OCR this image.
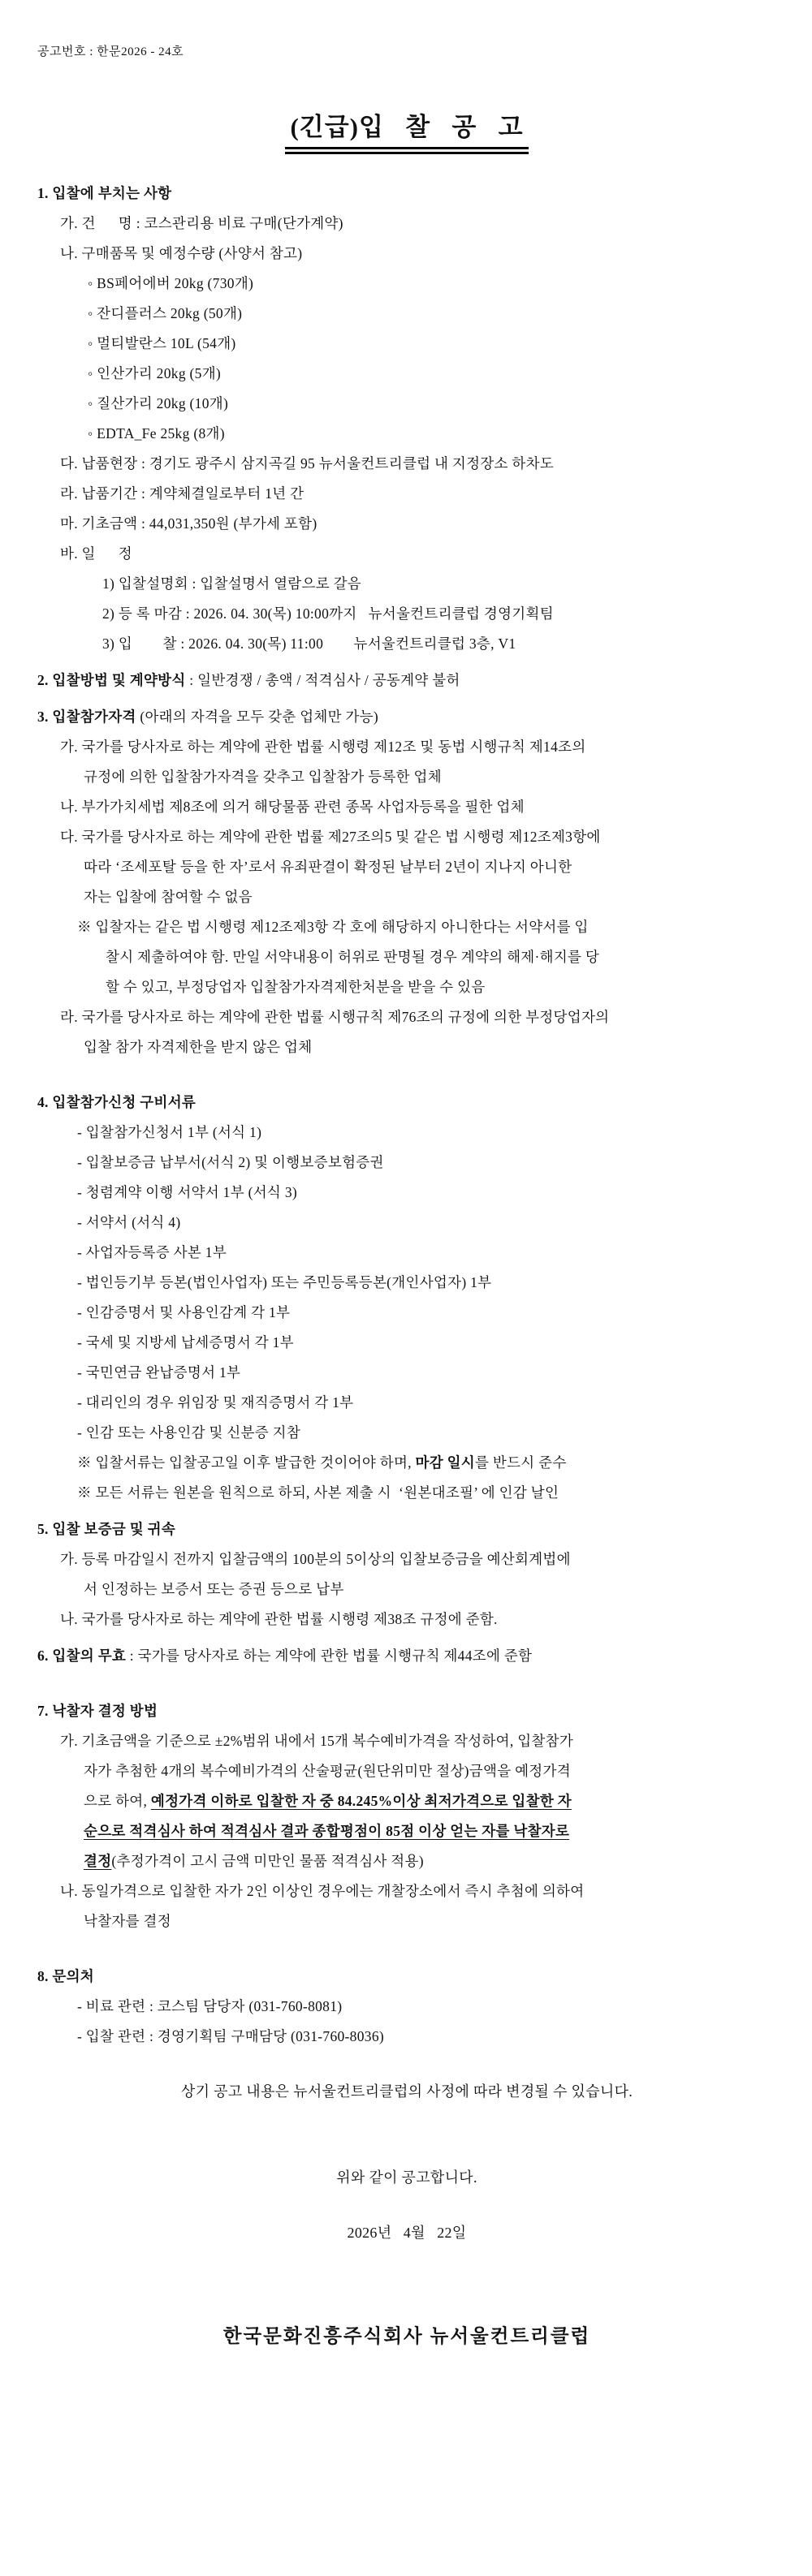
공고번호 : 한문2026 - 24호
(긴급)입   찰   공   고
1. 입찰에 부치는 사항
가. 건      명 : 코스관리용 비료 구매(단가계약)
나. 구매품목 및 예정수량 (사양서 참고)
◦ BS페어에버 20kg (730개)
◦ 잔디플러스 20kg (50개)
◦ 멀티발란스 10L (54개)
◦ 인산가리 20kg (5개)
◦ 질산가리 20kg (10개)
◦ EDTA_Fe 25kg (8개)
다. 납품현장 : 경기도 광주시 삼지곡길 95 뉴서울컨트리클럽 내 지정장소 하차도
라. 납품기간 : 계약체결일로부터 1년 간
마. 기초금액 : 44,031,350원 (부가세 포함)
바. 일      정
1) 입찰설명회 : 입찰설명서 열람으로 갈음
2) 등 록 마감 : 2026. 04. 30(목) 10:00까지   뉴서울컨트리클럽 경영기획팀
3) 입        찰 : 2026. 04. 30(목) 11:00        뉴서울컨트리클럽 3층, V1
2. 입찰방법 및 계약방식 : 일반경쟁 / 총액 / 적격심사 / 공동계약 불허
3. 입찰참가자격 (아래의 자격을 모두 갖춘 업체만 가능)
가. 국가를 당사자로 하는 계약에 관한 법률 시행령 제12조 및 동법 시행규칙 제14조의
규정에 의한 입찰참가자격을 갖추고 입찰참가 등록한 업체
나. 부가가치세법 제8조에 의거 해당물품 관련 종목 사업자등록을 필한 업체
다. 국가를 당사자로 하는 계약에 관한 법률 제27조의5 및 같은 법 시행령 제12조제3항에
따라 ‘조세포탈 등을 한 자’로서 유죄판결이 확정된 날부터 2년이 지나지 아니한
자는 입찰에 참여할 수 없음
※ 입찰자는 같은 법 시행령 제12조제3항 각 호에 해당하지 아니한다는 서약서를 입
찰시 제출하여야 함. 만일 서약내용이 허위로 판명될 경우 계약의 해제·해지를 당
할 수 있고, 부정당업자 입찰참가자격제한처분을 받을 수 있음
라. 국가를 당사자로 하는 계약에 관한 법률 시행규칙 제76조의 규정에 의한 부정당업자의
입찰 참가 자격제한을 받지 않은 업체
4. 입찰참가신청 구비서류
- 입찰참가신청서 1부 (서식 1)
- 입찰보증금 납부서(서식 2) 및 이행보증보험증권
- 청렴계약 이행 서약서 1부 (서식 3)
- 서약서 (서식 4)
- 사업자등록증 사본 1부
- 법인등기부 등본(법인사업자) 또는 주민등록등본(개인사업자) 1부
- 인감증명서 및 사용인감계 각 1부
- 국세 및 지방세 납세증명서 각 1부
- 국민연금 완납증명서 1부
- 대리인의 경우 위임장 및 재직증명서 각 1부
- 인감 또는 사용인감 및 신분증 지참
※ 입찰서류는 입찰공고일 이후 발급한 것이어야 하며, 마감 일시를 반드시 준수
※ 모든 서류는 원본을 원칙으로 하되, 사본 제출 시  ‘원본대조필’ 에 인감 날인
5. 입찰 보증금 및 귀속
가. 등록 마감일시 전까지 입찰금액의 100분의 5이상의 입찰보증금을 예산회계법에
서 인정하는 보증서 또는 증권 등으로 납부
나. 국가를 당사자로 하는 계약에 관한 법률 시행령 제38조 규정에 준함.
6. 입찰의 무효 : 국가를 당사자로 하는 계약에 관한 법률 시행규칙 제44조에 준함
7. 낙찰자 결정 방법
가. 기초금액을 기준으로 ±2%범위 내에서 15개 복수예비가격을 작성하여, 입찰참가
자가 추첨한 4개의 복수예비가격의 산술평균(원단위미만 절상)금액을 예정가격
으로 하여, 예정가격 이하로 입찰한 자 중 84.245%이상 최저가격으로 입찰한 자
순으로 적격심사 하여 적격심사 결과 종합평점이 85점 이상 얻는 자를 낙찰자로
결정(추정가격이 고시 금액 미만인 물품 적격심사 적용)
나. 동일가격으로 입찰한 자가 2인 이상인 경우에는 개찰장소에서 즉시 추첨에 의하여
낙찰자를 결정
8. 문의처
- 비료 관련 : 코스팀 담당자 (031-760-8081)
- 입찰 관련 : 경영기획팀 구매담당 (031-760-8036)
상기 공고 내용은 뉴서울컨트리클럽의 사정에 따라 변경될 수 있습니다.
위와 같이 공고합니다.
2026년   4월   22일
한국문화진흥주식회사 뉴서울컨트리클럽
